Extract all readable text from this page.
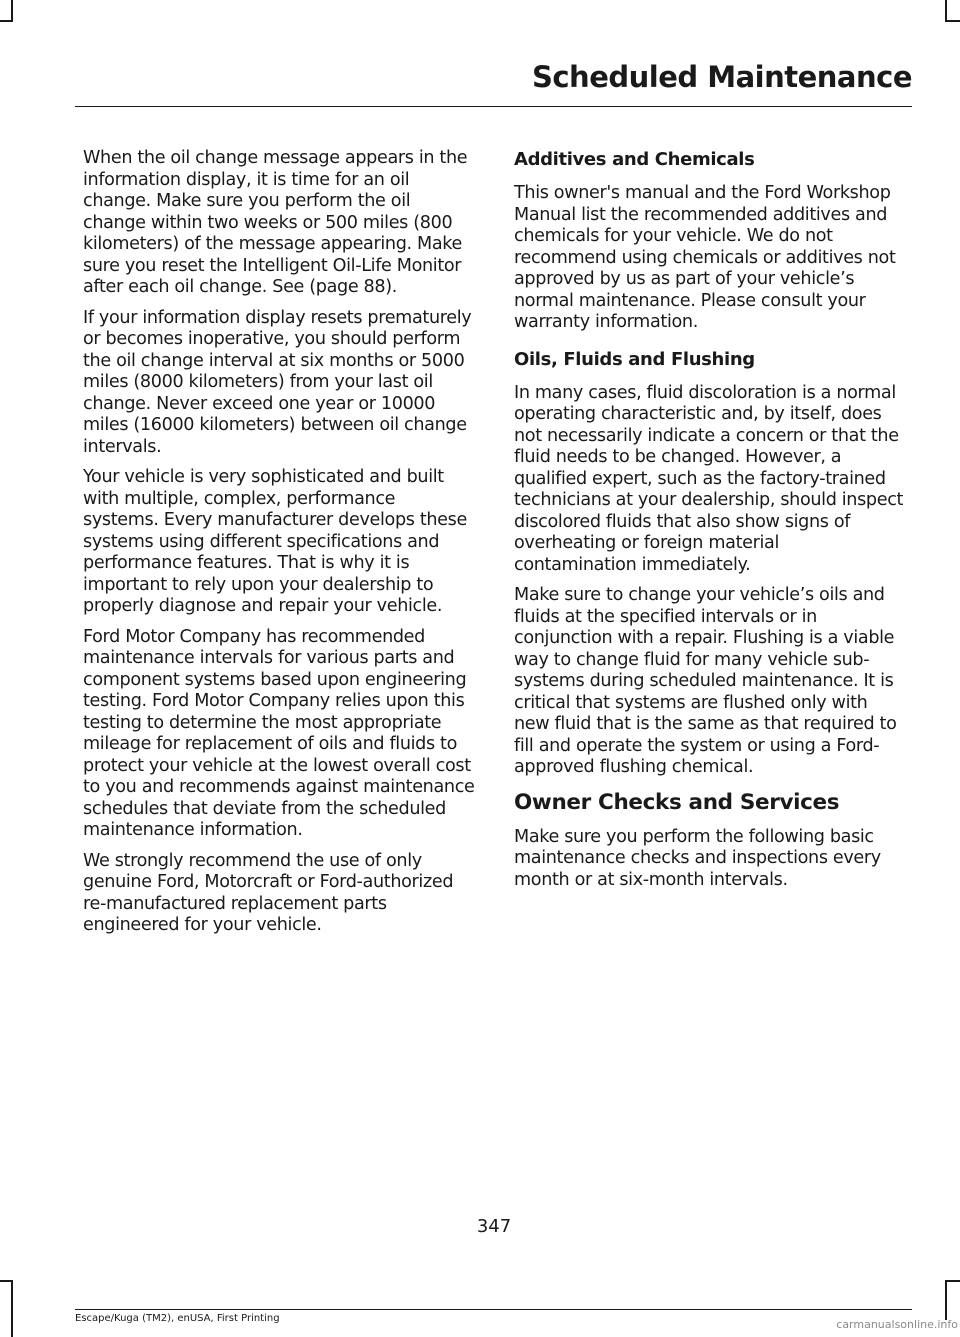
Scheduled Maintenance

When the oil change message appears in the information display, it is time for an oil change. Make sure you perform the oil change within two weeks or 500 miles (800 kilometers) of the message appearing. Make sure you reset the Intelligent Oil-Life Monitor after each oil change. See (page 88).

If your information display resets prematurely or becomes inoperative, you should perform the oil change interval at six months or 5000 miles (8000 kilometers) from your last oil change. Never exceed one year or 10000 miles (16000 kilometers) between oil change intervals.

Your vehicle is very sophisticated and built with multiple, complex, performance systems. Every manufacturer develops these systems using different specifications and performance features. That is why it is important to rely upon your dealership to properly diagnose and repair your vehicle.

Ford Motor Company has recommended maintenance intervals for various parts and component systems based upon engineering testing. Ford Motor Company relies upon this testing to determine the most appropriate mileage for replacement of oils and fluids to protect your vehicle at the lowest overall cost to you and recommends against maintenance schedules that deviate from the scheduled maintenance information.

We strongly recommend the use of only genuine Ford, Motorcraft or Ford-authorized re-manufactured replacement parts engineered for your vehicle.

Additives and Chemicals

This owner's manual and the Ford Workshop Manual list the recommended additives and chemicals for your vehicle. We do not recommend using chemicals or additives not approved by us as part of your vehicle’s normal maintenance. Please consult your warranty information.

Oils, Fluids and Flushing

In many cases, fluid discoloration is a normal operating characteristic and, by itself, does not necessarily indicate a concern or that the fluid needs to be changed. However, a qualified expert, such as the factory-trained technicians at your dealership, should inspect discolored fluids that also show signs of overheating or foreign material contamination immediately.

Make sure to change your vehicle’s oils and fluids at the specified intervals or in conjunction with a repair. Flushing is a viable way to change fluid for many vehicle sub-systems during scheduled maintenance. It is critical that systems are flushed only with new fluid that is the same as that required to fill and operate the system or using a Ford-approved flushing chemical.

Owner Checks and Services

Make sure you perform the following basic maintenance checks and inspections every month or at six-month intervals.

347
Escape/Kuga (TM2), enUSA, First Printing	carmanualsonline.info
